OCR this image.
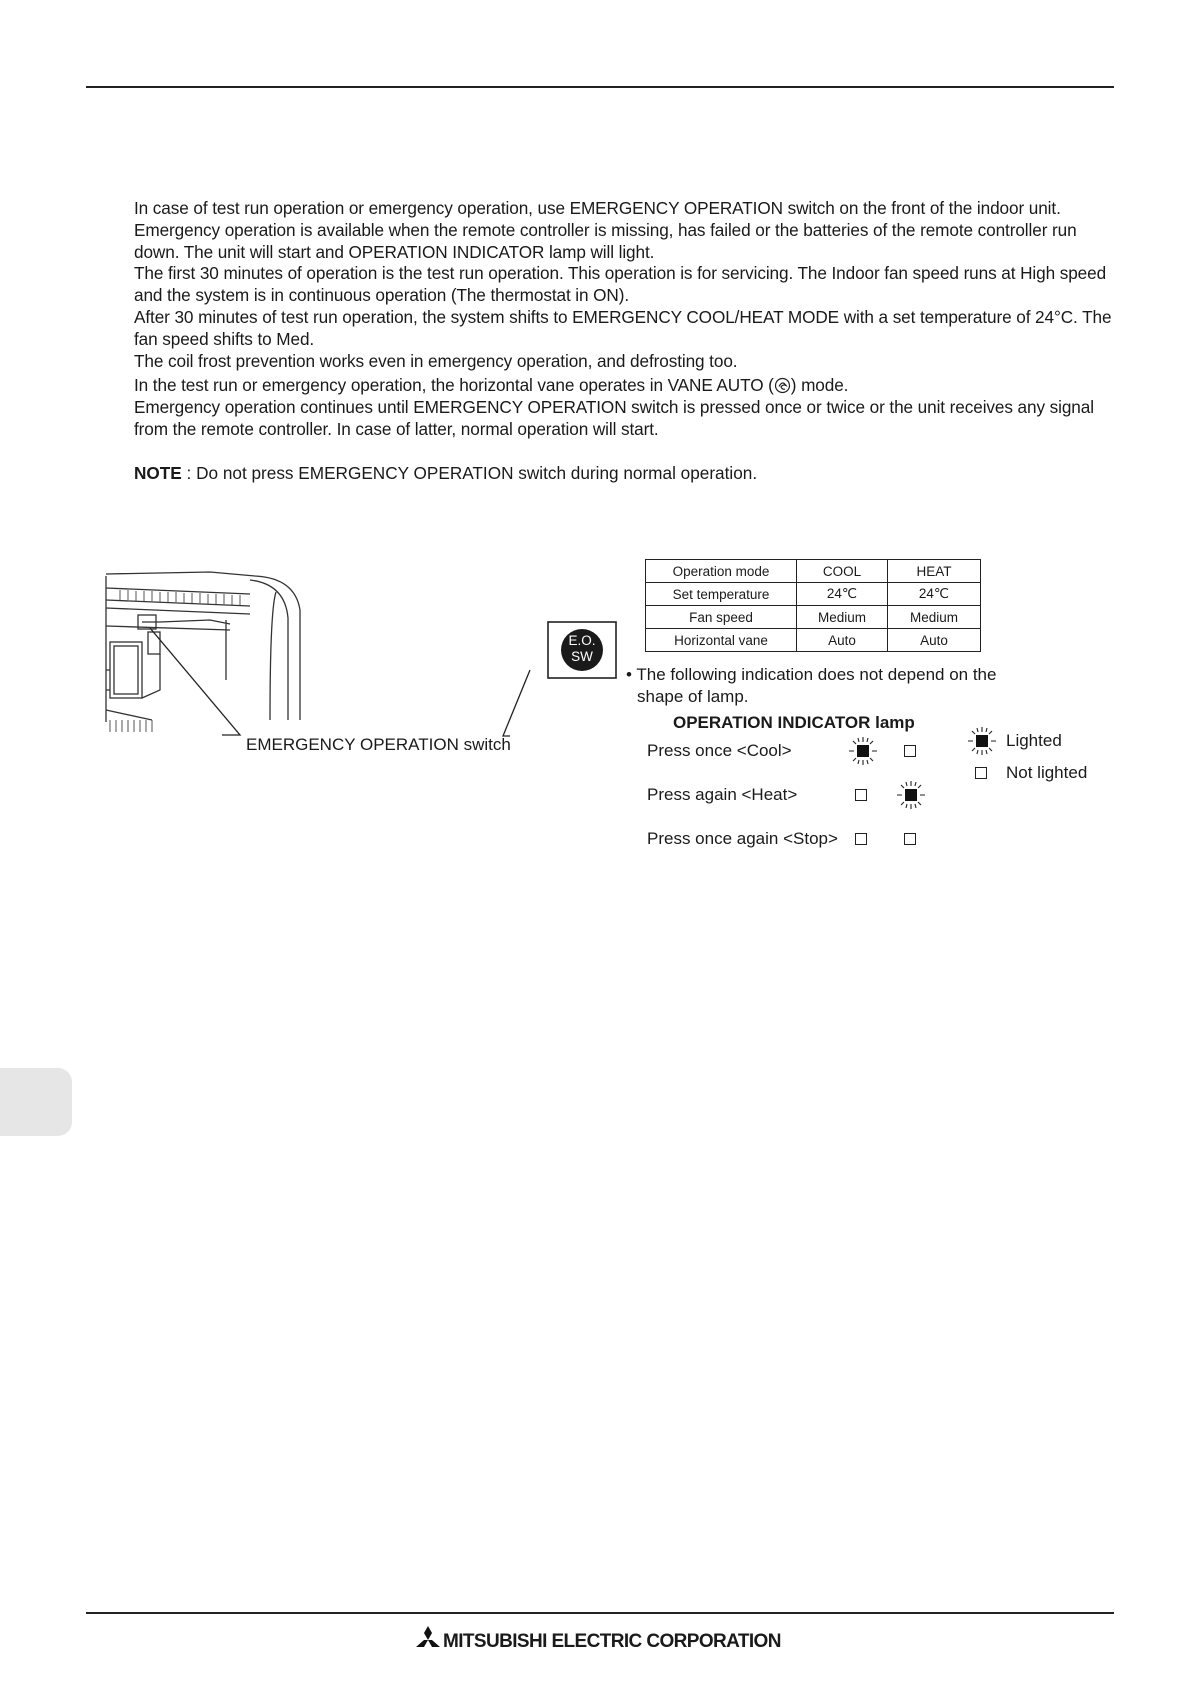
In case of test run operation or emergency operation, use EMERGENCY OPERATION switch on the front of the indoor unit. Emergency operation is available when the remote controller is missing, has failed or the batteries of the remote controller run down. The unit will start and OPERATION INDICATOR lamp will light.

The first 30 minutes of operation is the test run operation. This operation is for servicing. The Indoor fan speed runs at High speed and the system is in continuous operation (The thermostat in ON).

After 30 minutes of test run operation, the system shifts to EMERGENCY COOL/HEAT MODE with a set temperature of 24°C. The fan speed shifts to Med.

The coil frost prevention works even in emergency operation, and defrosting too.

In the test run or emergency operation, the horizontal vane operates in VANE AUTO ( ) mode.

Emergency operation continues until EMERGENCY OPERATION switch is pressed once or twice or the unit receives any signal from the remote controller. In case of latter, normal operation will start.

NOTE : Do not press EMERGENCY OPERATION switch during normal operation.
E.O.
SW
EMERGENCY OPERATION switch
Operation mode	COOL	HEAT
Set temperature	24℃	24℃
Fan speed	Medium	Medium
Horizontal vane	Auto	Auto
• The following indication does not depend on the
shape of lamp.
OPERATION INDICATOR lamp
Press once <Cool>
Press again <Heat>
Press once again <Stop>
Lighted
Not lighted
MITSUBISHI ELECTRIC CORPORATION
